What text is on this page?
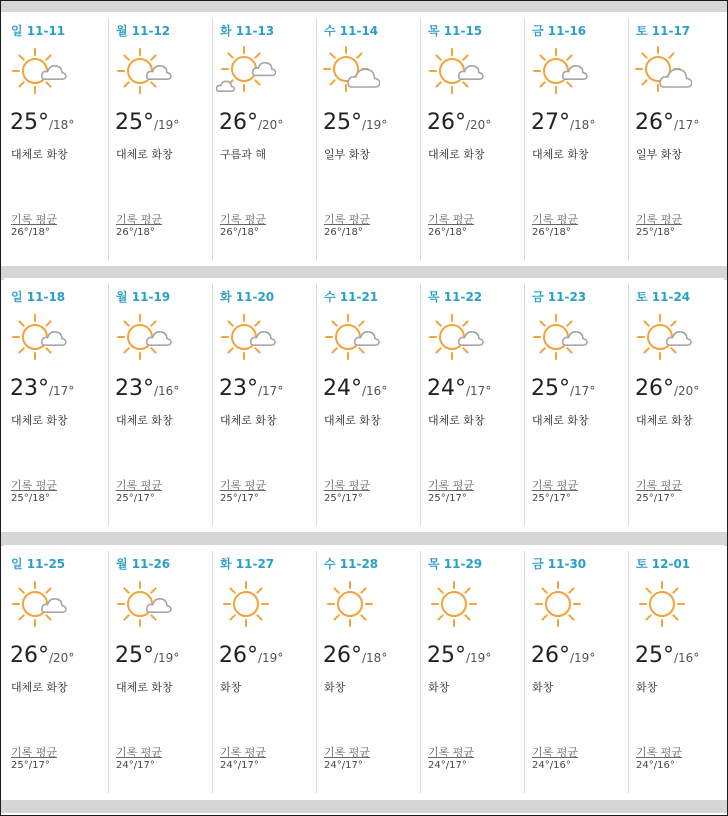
일 11-11
25°/18°
대체로 화창
기록 평균
26°/18°
월 11-12
25°/19°
대체로 화창
기록 평균
26°/18°
화 11-13
26°/20°
구름과 해
기록 평균
26°/18°
수 11-14
25°/19°
일부 화창
기록 평균
26°/18°
목 11-15
26°/20°
대체로 화창
기록 평균
26°/18°
금 11-16
27°/18°
대체로 화창
기록 평균
26°/18°
토 11-17
26°/17°
일부 화창
기록 평균
25°/18°
일 11-18
23°/17°
대체로 화창
기록 평균
25°/18°
월 11-19
23°/16°
대체로 화창
기록 평균
25°/17°
화 11-20
23°/17°
대체로 화창
기록 평균
25°/17°
수 11-21
24°/16°
대체로 화창
기록 평균
25°/17°
목 11-22
24°/17°
대체로 화창
기록 평균
25°/17°
금 11-23
25°/17°
대체로 화창
기록 평균
25°/17°
토 11-24
26°/20°
대체로 화창
기록 평균
25°/17°
일 11-25
26°/20°
대체로 화창
기록 평균
25°/17°
월 11-26
25°/19°
대체로 화창
기록 평균
24°/17°
화 11-27
26°/19°
화창
기록 평균
24°/17°
수 11-28
26°/18°
화창
기록 평균
24°/17°
목 11-29
25°/19°
화창
기록 평균
24°/17°
금 11-30
26°/19°
화창
기록 평균
24°/16°
토 12-01
25°/16°
화창
기록 평균
24°/16°
